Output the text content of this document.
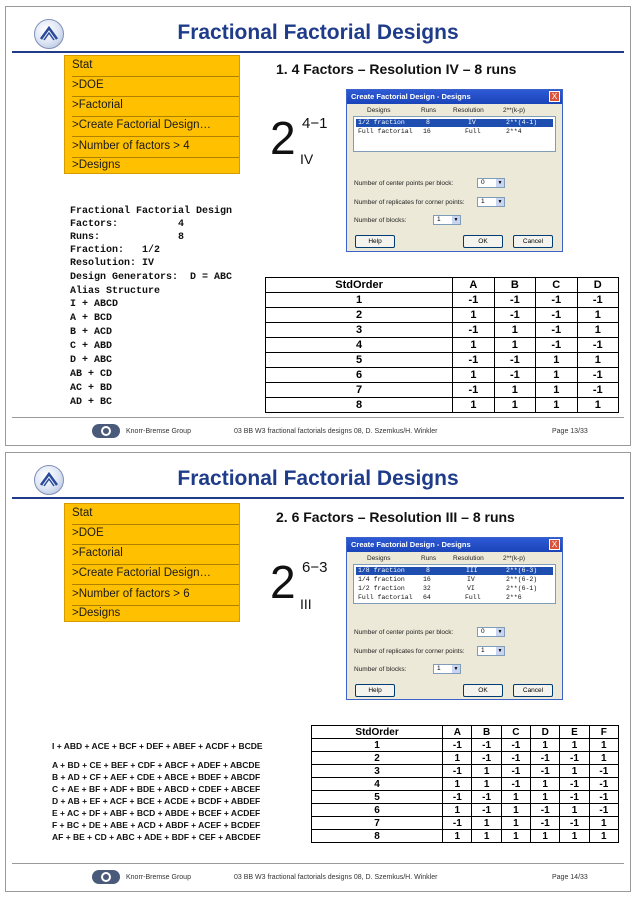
Fractional Factorial Designs
Stat
>DOE
>Factorial
>Create Factorial Design…
>Number of factors > 4
>Designs
1. 4 Factors – Resolution IV – 8 runs
2 4−1
IV
Create Factorial Design - Designs	X
Designs	Runs	Resolution	2**(k-p)
1/2 fraction	8	IV	2**(4-1)
Full factorial 16	Full	2**4
Number of center points per block:	0	▼
Number of replicates for corner points:	1	▼
Number of blocks:	1	▼
Help	OK	Cancel
Fractional Factorial Design
Factors:          4
Runs:             8
Fraction:   1/2
Resolution: IV
Design Generators:  D = ABC
Alias Structure
I + ABCD
A + BCD
B + ACD
C + ABD
D + ABC
AB + CD
AC + BD
AD + BC
StdOrder	A	B	C	D
1	-1	-1	-1	-1
2	1	-1	-1	1
3	-1	1	-1	1
4	1	1	-1	-1
5	-1	-1	1	1
6	1	-1	1	-1
7	-1	1	1	-1
8	1	1	1	1
Knorr-Bremse Group	03 BB W3 fractional factorials designs 08, D. Szemkus/H. Winkler	Page 13/33
Fractional Factorial Designs
Stat
>DOE
>Factorial
>Create Factorial Design…
>Number of factors > 6
>Designs
2. 6 Factors – Resolution III – 8 runs
2 6−3
III
Create Factorial Design - Designs	X
Designs	Runs	Resolution	2**(k-p)
1/8 fraction	8	III	2**(6-3)
1/4 fraction	16	IV	2**(6-2)
1/2 fraction	32	VI	2**(6-1)
Full factorial 64	Full	2**6
Number of center points per block:	0	▼
Number of replicates for corner points:	1	▼
Number of blocks:	1	▼
Help	OK	Cancel
I + ABD + ACE + BCF + DEF + ABEF + ACDF + BCDE
A + BD + CE + BEF + CDF + ABCF + ADEF + ABCDE
B + AD + CF + AEF + CDE + ABCE + BDEF + ABCDF
C + AE + BF + ADF + BDE + ABCD + CDEF + ABCEF
D + AB + EF + ACF + BCE + ACDE + BCDF + ABDEF
E + AC + DF + ABF + BCD + ABDE + BCEF + ACDEF
F + BC + DE + ABE + ACD + ABDF + ACEF + BCDEF
AF + BE + CD + ABC + ADE + BDF + CEF + ABCDEF
StdOrder	A	B	C	D	E	F
1	-1	-1	-1	1	1	1
2	1	-1	-1	-1	-1	1
3	-1	1	-1	-1	1	-1
4	1	1	-1	1	-1	-1
5	-1	-1	1	1	-1	-1
6	1	-1	1	-1	1	-1
7	-1	1	1	-1	-1	1
8	1	1	1	1	1	1
Knorr-Bremse Group	03 BB W3 fractional factorials designs 08, D. Szemkus/H. Winkler	Page 14/33
